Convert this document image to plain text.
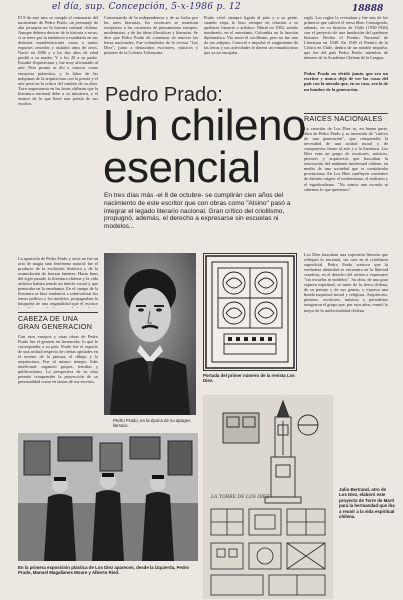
el día, sup. Concepción, 5-x-1986 p. 12	18888
El 8 de este mes se cumple el centenario del nacimiento de Pedro Prado, un personaje de alta jerarquía en la historia cultural chilena. Aunque debiera decirse de la historia a secas, si se tiene por la tendencia a estudiarla en sus distintas manifestaciones como a tantos espacios cerrados y aislados unos de otros. Nació en 1886 y a los dos años de edad perdió a su madre. Y a los 20 a su padre. Estudió Arquitectura y fue muy aficionado al arte. Pero pronto se dio a conocer como ensayista polemista, y la labor de las máquinas de la arquitectura con la poesía y el arte pesó en la crítica del cambio de su obra. Tuvo importancia en las letras chilenas que la literatura nacional debe a su iniciativa, y el avance de lo que llevó una poesía de sus escritos.
Comenzando de la independencia y de su lucha por las artes literarias, los escritores se muestran receptivos a las corrientes de pensamiento europeo, modernistas, y de las ideas filosóficas y literarias. Se dice que Pedro Prado de comenzar de renovar las letras nacionales. Fue cofundador de la revista "Los Diez", junto a destacados escritores, músicos y pintores de la Colonia Tolstoyana.
Prado vivió siempre ligado al país y a su gente, cuando viaja, lo hizo siempre en relación a su quehacer literario o artístico. Murió en 1952, siendo nombrado, en el entretanto, Colombia en la función diplomática. Vio nacer el criollismo, pero no fue uno de sus adeptos. Conoció e impulsó el surgimiento de las letras y sus actividades le dieron un romanticismo que ya no encajaba.
regla. Los reglas lo revisaban y fue uno de los primeros que cultivó el verso libre. Consagrado, además, en su historia de Chile (1950-1926) con el proyecto de una fundación del quehacer literario. Recibe el Premio Nacional de Literatura en 1949. En 1949 el Premio de la Crítica en Chile, dentro de un notable impulso, que fue del país Pedro Prado, miembro de número de la Academia Chilena de la Lengua.
Pedro Prado no olvidó jamás que era un escritor y nunca dejó de ver las cosas del país con la mirada que, en su caso, era la de un hombre de la generación.
Pedro Prado:
Un chileno
esencial
En tres días más -el 8 de octubre- se cumplirán cien años del nacimiento de este escritor que con obras como "Alsino" pasó a integrar el legado literario nacional. Gran crítico del criollismo, propugnó, además, el derecho a expresarse sin escuelas ni modelos...
RAICES NACIONALES
La creación de Los Diez es, en buena parte, obra de Pedro Prado y su intención de "cultivo de una generación", que comprendía la necesidad de una actitud moral y de compromiso frente al arte y a la literatura. Los Diez eran un grupo de escritores, músicos, pintores y arquitectos que buscaban la renovación del ambiente intelectual chileno, en medio de una sociedad que se consideraba provinciana. En Los Diez confluyen corrientes de distinto origen: el modernismo, el realismo y el espiritualismo. "No somos una escuela ni sabemos lo que queremos".
Los Diez buscaban una expresión literaria que reflejara lo nacional, sin caer en el criollismo superficial. Pedro Prado sostuvo que la verdadera identidad se encuentra en la libertad creadora, en el derecho del artista a expresarse "sin escuelas ni modelos". Su obra, de una gran riqueza espiritual, se nutre de la tierra chilena, de su paisaje y de sus gentes, y expresa una honda inquietud moral y religiosa. Arquitectos, pintores, escritores, músicos y periodistas integraron el grupo que, por esos años, reunió lo mejor de la intelectualidad chilena.
La aparición de Pedro Prado y otros no fue un acto de magia sino fenómeno natural: fue el producto de la evolución histórica y de la acumulación de fuerzas latentes. Hasta fines del siglo pasado la literatura chilena y la vida artística habían tenido un interés social y que penetraba en la enseñanza. En el campo de la literatura se hizo tendencia a sobrevalorar los temas político y los modelos, propugnaban la búsqueda de una originalidad que el escritor
CABEZA DE UNA GRAN GENERACION
Con esos ensayos y otras obras de Pedro Prado fue el germen en formación: lo que le correspondía a su país. Prado fue el espacio de una actitud respecto de ciertas aptitudes en el terreno de la pintura, el dibujo y la arquitectura. Fue al mismo tiempo, líder intelectual: organizó grupos, tertulias y publicaciones. La perspectiva de su obra permite comprender la proyección de su personalidad como en tantos de sus escritos.
Pedro Prado, en la época de su apogeo literario.
Portada del primer número de la revista Los Diez.
En la primera exposición plástica de Los Diez aparecen, desde la izquierda, Pedro Prado, Manuel Magallanes Moure y Alberto Ried.
LA TORRE DE LOS DIEZ
Julio Bertrand, otro de Los Diez, elaboró este proyecto de Torre de Martí para la hermandad que iba a reunir a la vida espiritual chilena.
